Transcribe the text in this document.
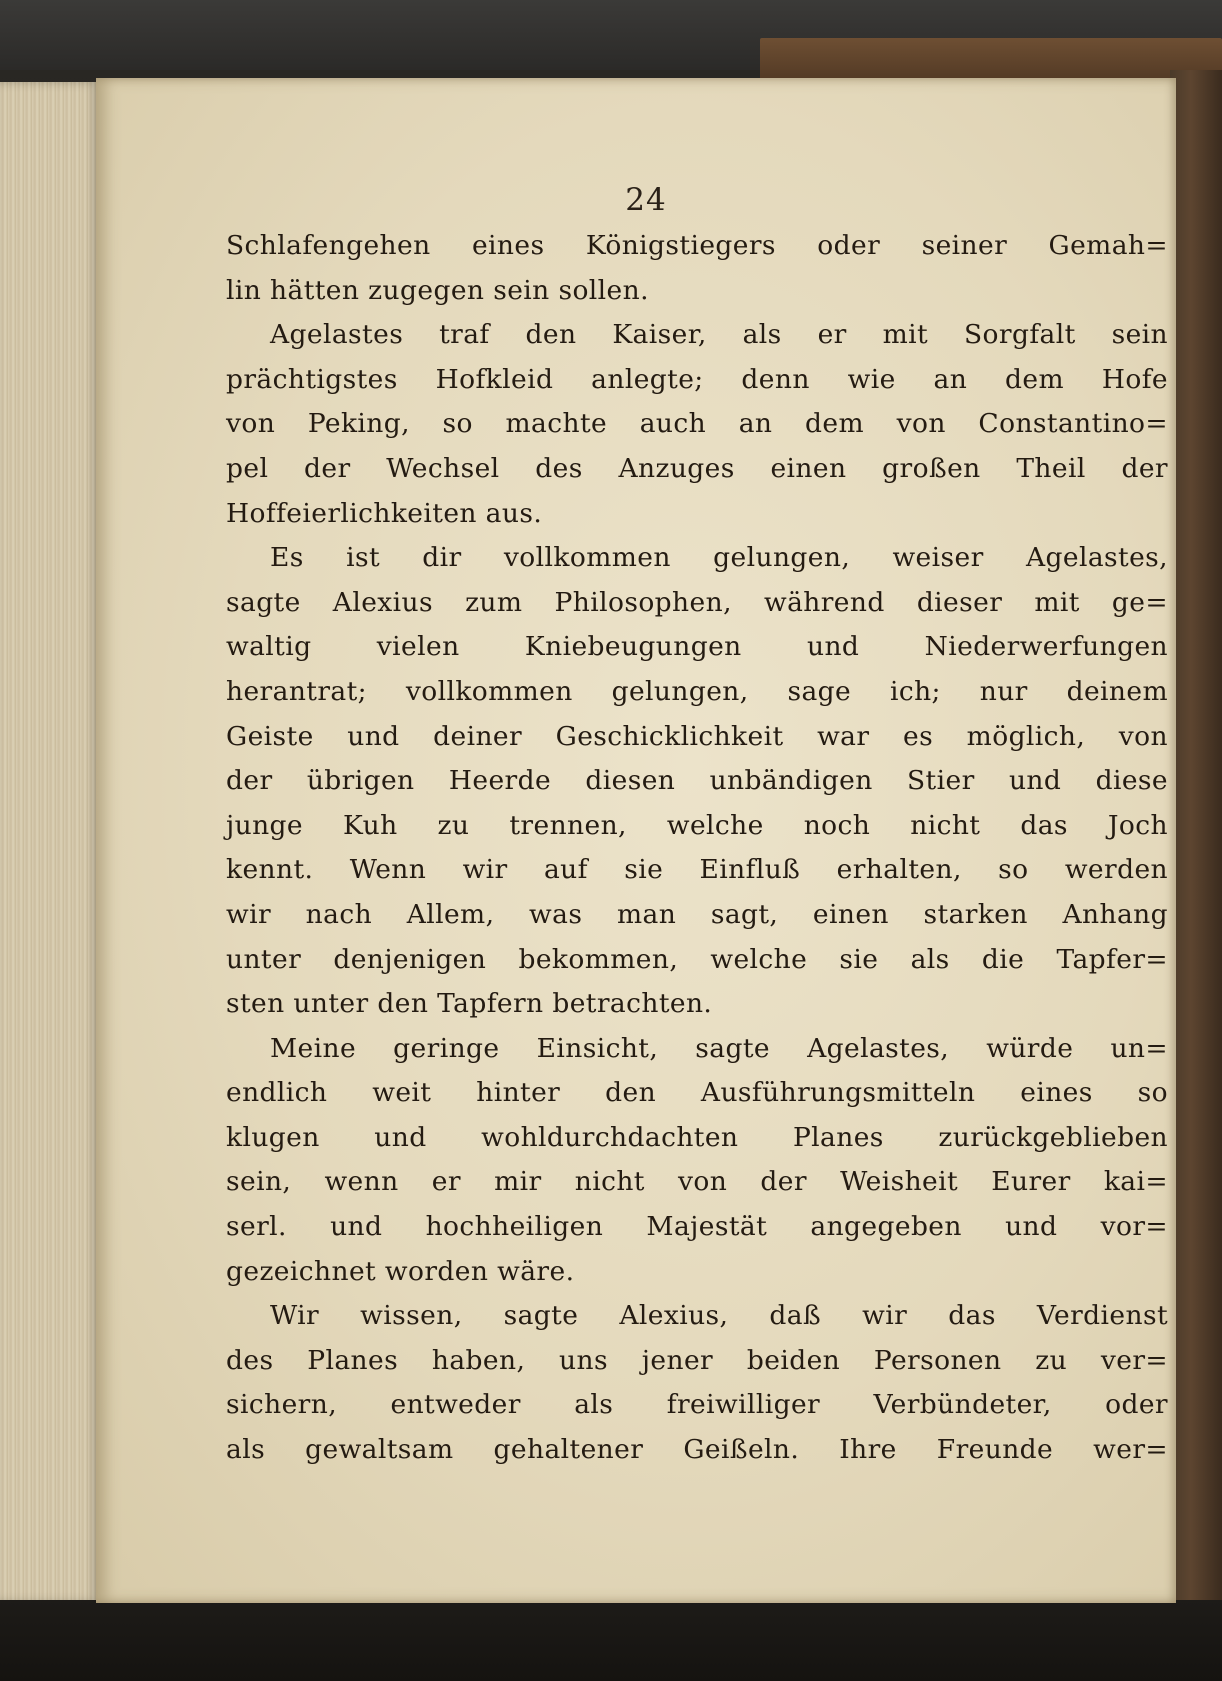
24
Schlafengehen eines Königstiegers oder seiner Gemah=
lin hätten zugegen sein sollen.
Agelastes traf den Kaiser, als er mit Sorgfalt sein
prächtigstes Hofkleid anlegte; denn wie an dem Hofe
von Peking, so machte auch an dem von Constantino=
pel der Wechsel des Anzuges einen großen Theil der
Hoffeierlichkeiten aus.
Es ist dir vollkommen gelungen, weiser Agelastes,
sagte Alexius zum Philosophen, während dieser mit ge=
waltig vielen Kniebeugungen und Niederwerfungen
herantrat; vollkommen gelungen, sage ich; nur deinem
Geiste und deiner Geschicklichkeit war es möglich, von
der übrigen Heerde diesen unbändigen Stier und diese
junge Kuh zu trennen, welche noch nicht das Joch
kennt. Wenn wir auf sie Einfluß erhalten, so werden
wir nach Allem, was man sagt, einen starken Anhang
unter denjenigen bekommen, welche sie als die Tapfer=
sten unter den Tapfern betrachten.
Meine geringe Einsicht, sagte Agelastes, würde un=
endlich weit hinter den Ausführungsmitteln eines so
klugen und wohldurchdachten Planes zurückgeblieben
sein, wenn er mir nicht von der Weisheit Eurer kai=
serl. und hochheiligen Majestät angegeben und vor=
gezeichnet worden wäre.
Wir wissen, sagte Alexius, daß wir das Verdienst
des Planes haben, uns jener beiden Personen zu ver=
sichern, entweder als freiwilliger Verbündeter, oder
als gewaltsam gehaltener Geißeln. Ihre Freunde wer=
